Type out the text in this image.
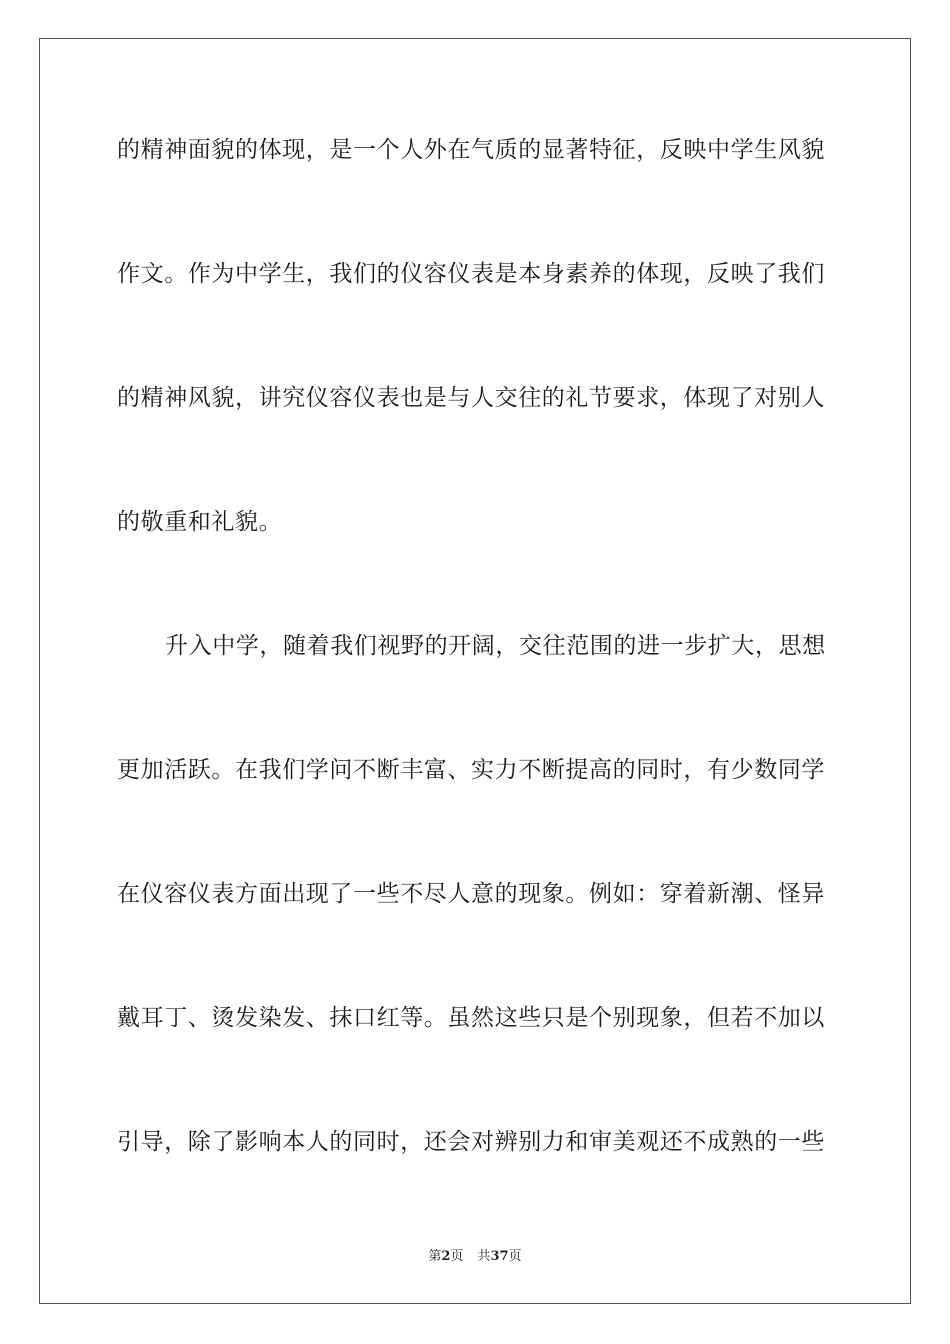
的精神面貌的体现，是一个人外在气质的显著特征，反映中学生风貌
作文。作为中学生，我们的仪容仪表是本身素养的体现，反映了我们
的精神风貌，讲究仪容仪表也是与人交往的礼节要求，体现了对别人
的敬重和礼貌。
升入中学，随着我们视野的开阔，交往范围的进一步扩大，思想
更加活跃。在我们学问不断丰富、实力不断提高的同时，有少数同学
在仪容仪表方面出现了一些不尽人意的现象。例如：穿着新潮、怪异
戴耳丁、烫发染发、抹口红等。虽然这些只是个别现象，但若不加以
引导，除了影响本人的同时，还会对辨别力和审美观还不成熟的一些
第2页 共37页
